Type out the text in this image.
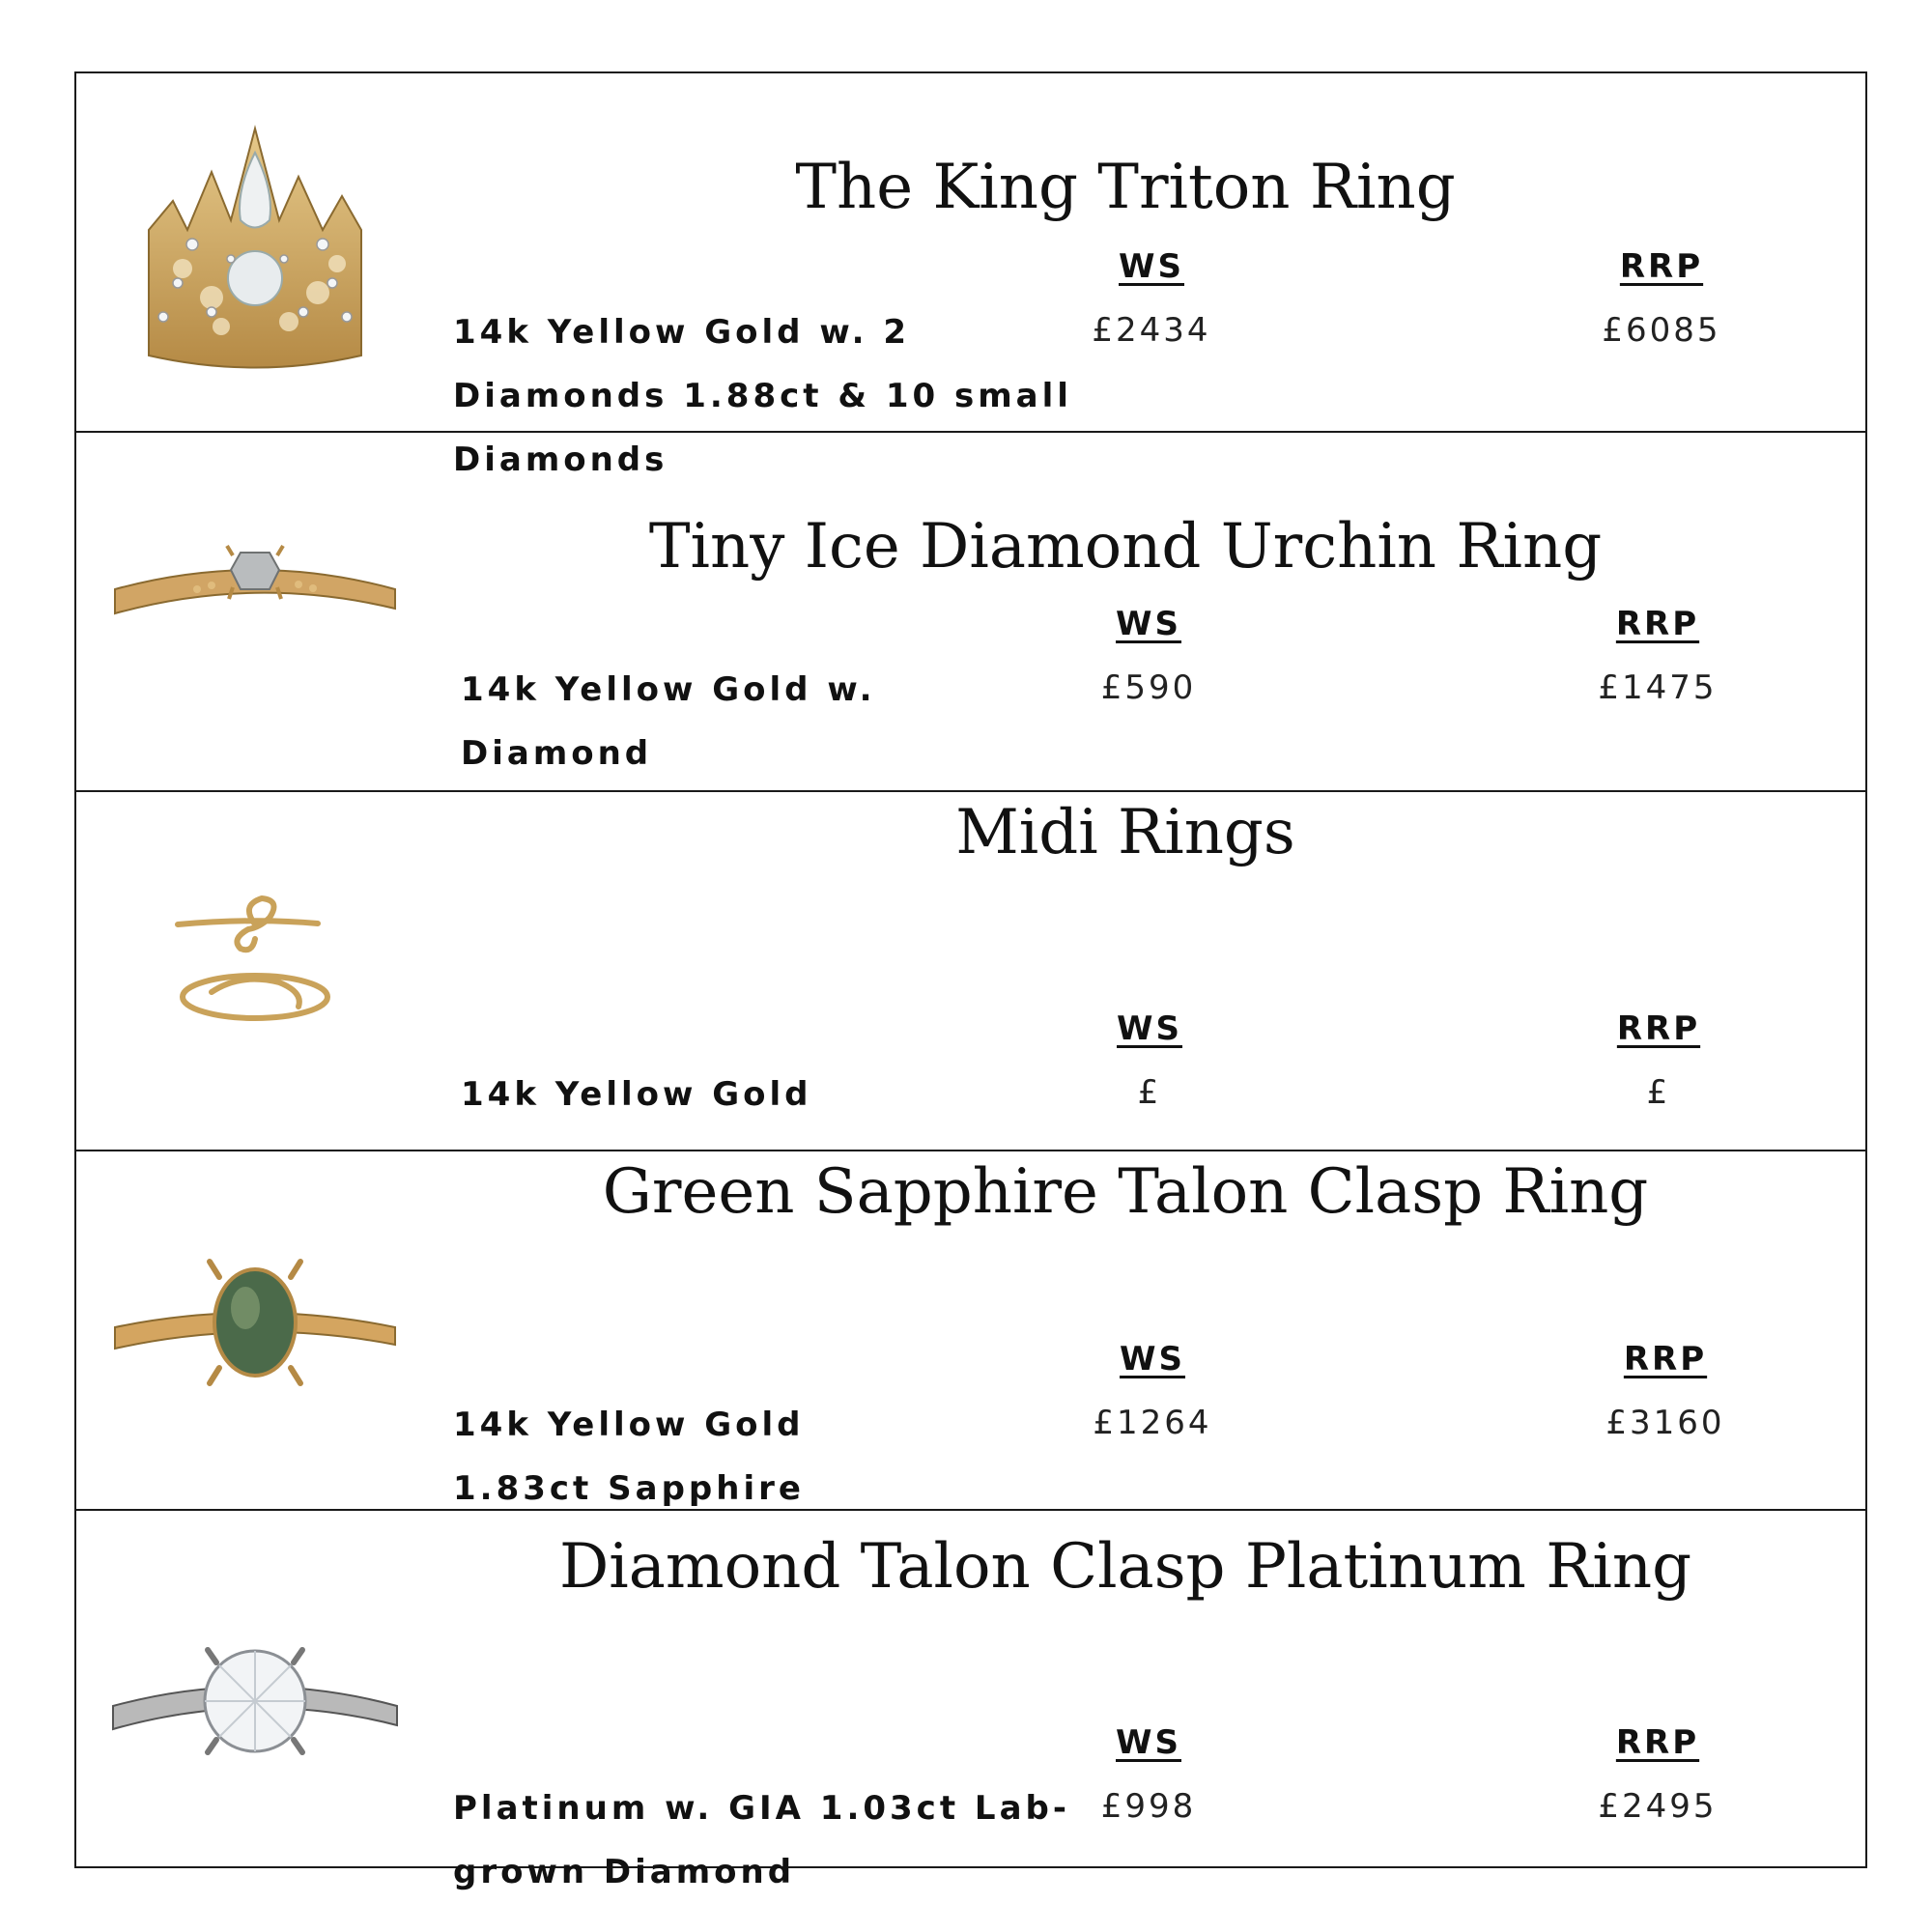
The King Triton Ring
WS	RRP
14k Yellow Gold w. 2 Diamonds 1.88ct & 10 small Diamonds
£2434	£6085
Tiny Ice Diamond Urchin Ring
WS	RRP
14k Yellow Gold w. Diamond
£590	£1475
Midi Rings
WS	RRP
14k Yellow Gold	£	£
Green Sapphire Talon Clasp Ring
WS	RRP
14k Yellow Gold 1.83ct Sapphire
£1264	£3160
Diamond Talon Clasp Platinum Ring
WS	RRP
Platinum w. GIA 1.03ct Lab-grown Diamond
£998	£2495
